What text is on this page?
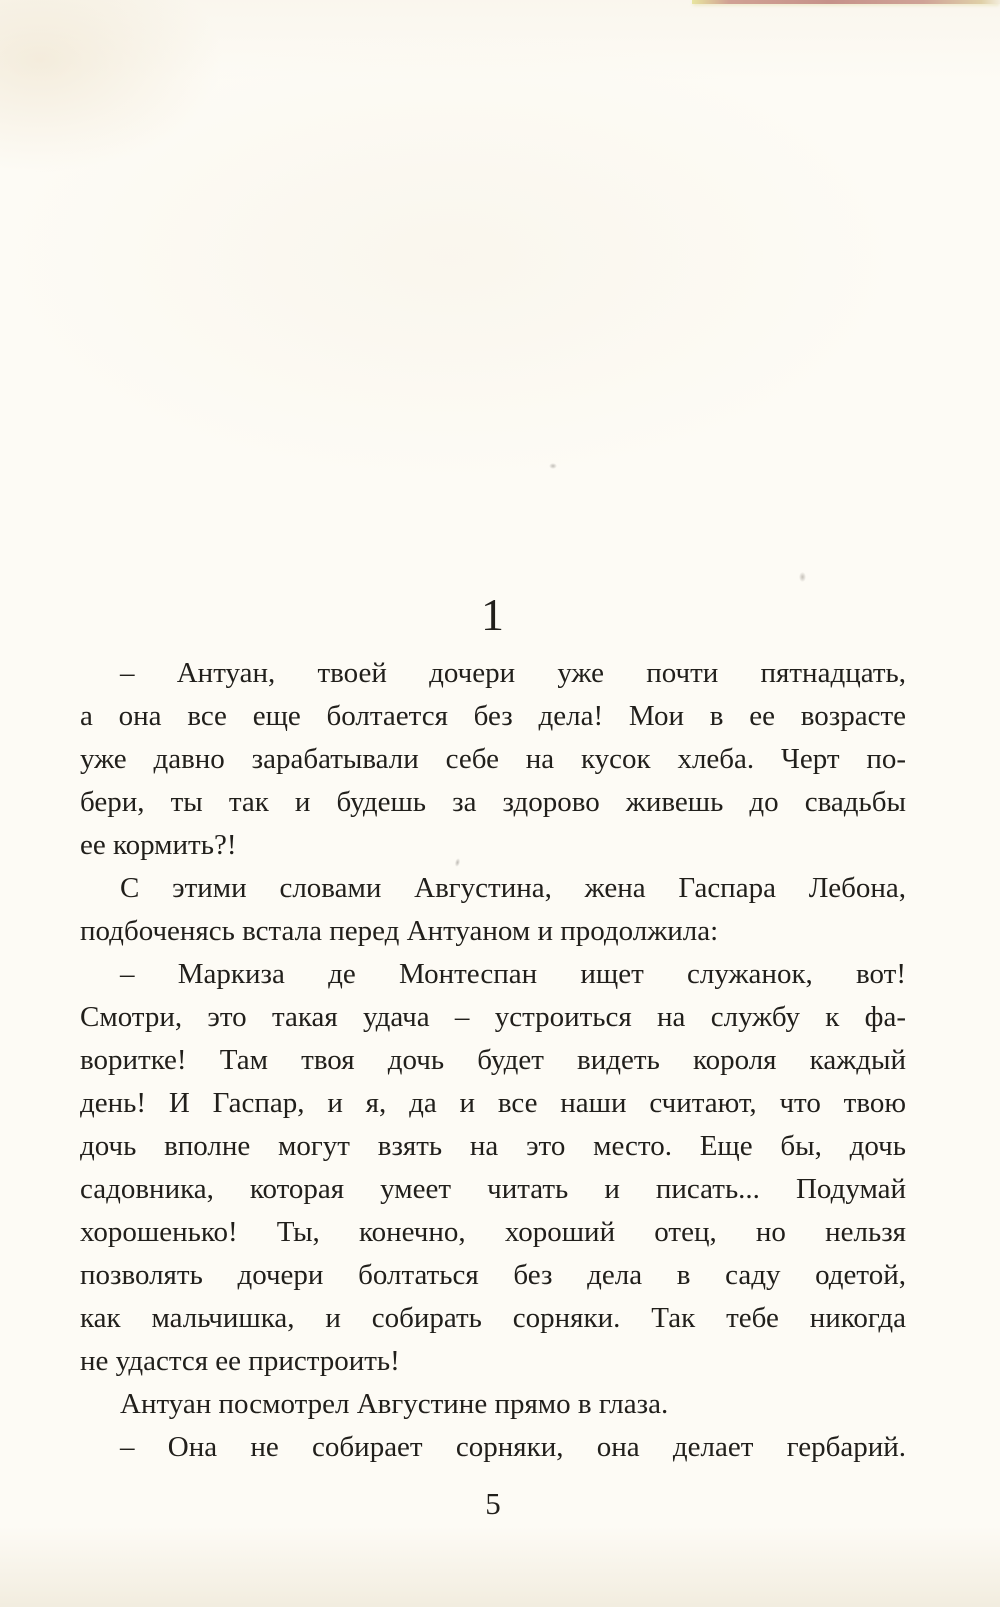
1
– Антуан, твоей дочери уже почти пятнадцать,
а она все еще болтается без дела! Мои в ее возрасте
уже давно зарабатывали себе на кусок хлеба. Черт по-
бери, ты так и будешь за здорово живешь до свадьбы
ее кормить?!
С этими словами Августина, жена Гаспара Лебона,
подбоченясь встала перед Антуаном и продолжила:
– Маркиза де Монтеспан ищет служанок, вот!
Смотри, это такая удача – устроиться на службу к фа-
воритке! Там твоя дочь будет видеть короля каждый
день! И Гаспар, и я, да и все наши считают, что твою
дочь вполне могут взять на это место. Еще бы, дочь
садовника, которая умеет читать и писать... Подумай
хорошенько! Ты, конечно, хороший отец, но нельзя
позволять дочери болтаться без дела в саду одетой,
как мальчишка, и собирать сорняки. Так тебе никогда
не удастся ее пристроить!
Антуан посмотрел Августине прямо в глаза.
– Она не собирает сорняки, она делает гербарий.
5
